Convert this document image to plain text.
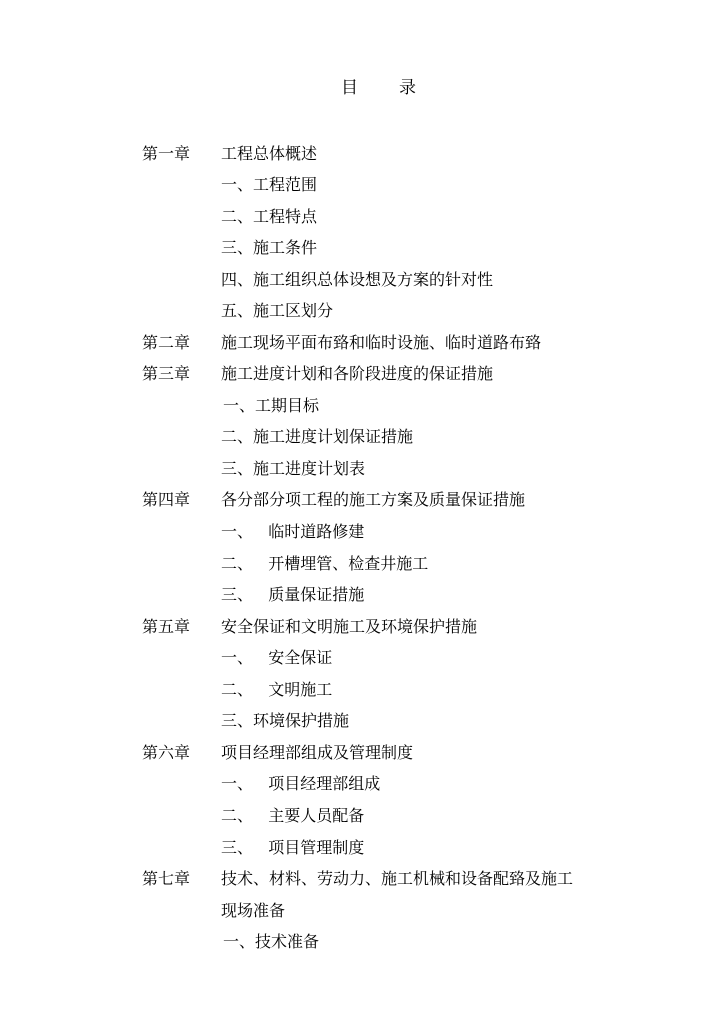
目 录
第一章 工程总体概述
一、工程范围
二、工程特点
三、施工条件
四、施工组织总体设想及方案的针对性
五、施工区划分
第二章 施工现场平面布臵和临时设施、临时道路布臵
第三章 施工进度计划和各阶段进度的保证措施
一、工期目标
二、施工进度计划保证措施
三、施工进度计划表
第四章 各分部分项工程的施工方案及质量保证措施
一、   临时道路修建
二、   开槽埋管、检查井施工
三、   质量保证措施
第五章 安全保证和文明施工及环境保护措施
一、   安全保证
二、   文明施工
三、环境保护措施
第六章 项目经理部组成及管理制度
一、   项目经理部组成
二、   主要人员配备
三、   项目管理制度
第七章 技术、材料、劳动力、施工机械和设备配臵及施工
现场准备
一、技术准备
